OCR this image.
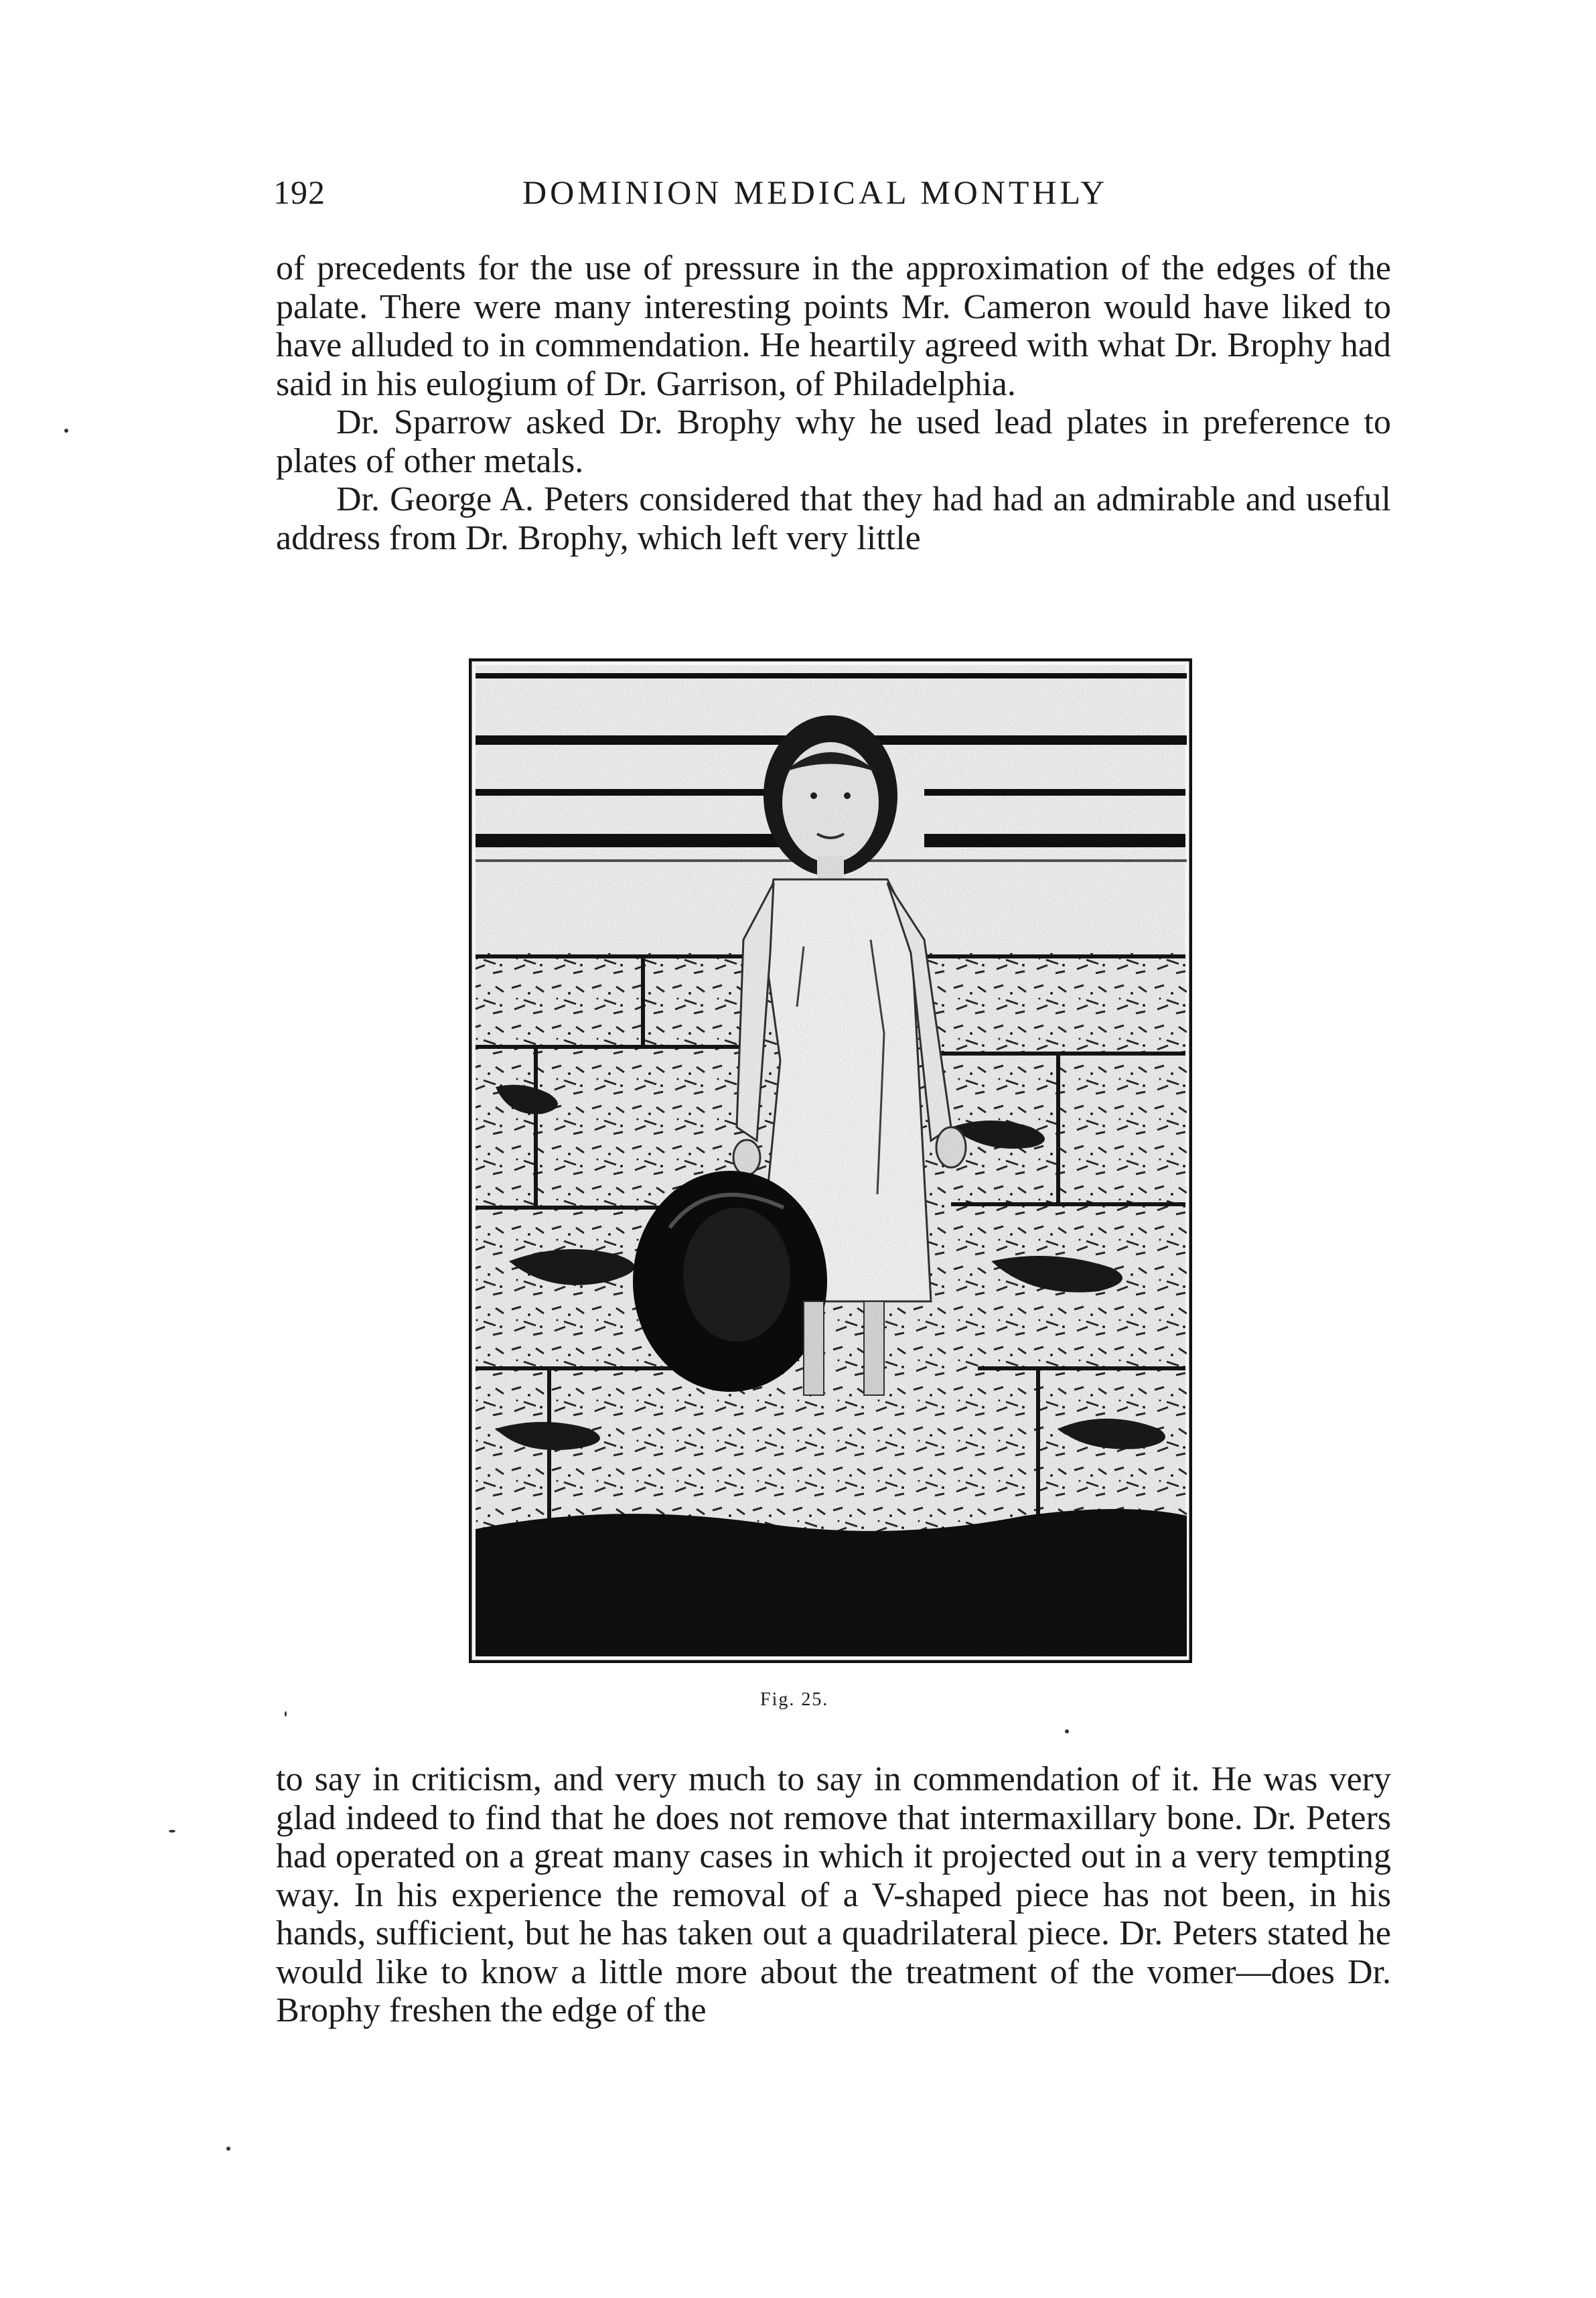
192	DOMINION MEDICAL MONTHLY

of precedents for the use of pressure in the approximation of the edges of the palate. There were many interesting points Mr. Cameron would have liked to have alluded to in commendation. He heartily agreed with what Dr. Brophy had said in his eulogium of Dr. Garrison, of Philadelphia.

Dr. Sparrow asked Dr. Brophy why he used lead plates in preference to plates of other metals.

Dr. George A. Peters considered that they had had an admirable and useful address from Dr. Brophy, which left very little

Fig. 25.

to say in criticism, and very much to say in commendation of it. He was very glad indeed to find that he does not remove that intermaxillary bone. Dr. Peters had operated on a great many cases in which it projected out in a very tempting way. In his experience the removal of a V-shaped piece has not been, in his hands, sufficient, but he has taken out a quadrilateral piece. Dr. Peters stated he would like to know a little more about the treatment of the vomer—does Dr. Brophy freshen the edge of the
